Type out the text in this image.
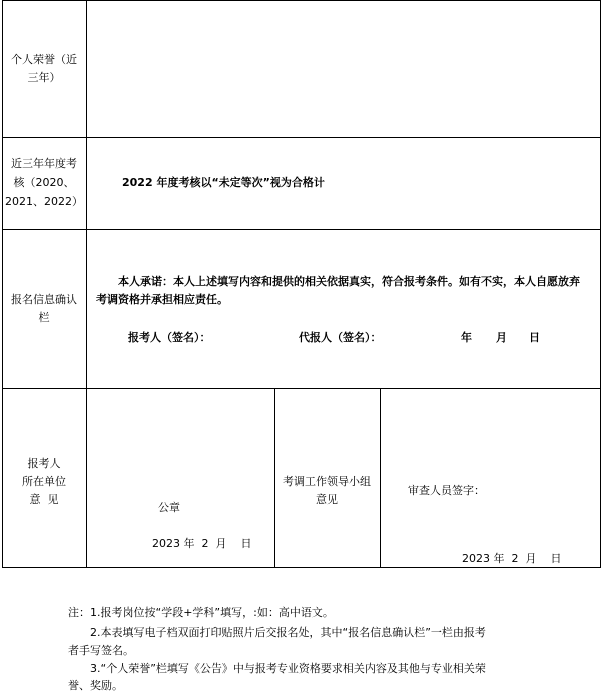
个人荣誉（近
三年）
近三年年度考
核（2020、
2021、2022）
2022 年度考核以“未定等次”视为合格计
报名信息确认
栏
本人承诺：本人上述填写内容和提供的相关依据真实，符合报考条件。如有不实，本人自愿放弃
考调资格并承担相应责任。
报考人（签名）：	代报人（签名）：	年 月 日
报考人
所在单位
意  见
公章
2023 年  2  月    日
考调工作领导小组
意见
审查人员签字：
2023 年  2  月    日
注：1.报考岗位按“学段+学科”填写，:如：高中语文。
2.本表填写电子档双面打印贴照片后交报名处，其中“报名信息确认栏”一栏由报考
者手写签名。
3.“个人荣誉”栏填写《公告》中与报考专业资格要求相关内容及其他与专业相关荣
誉、奖励。
